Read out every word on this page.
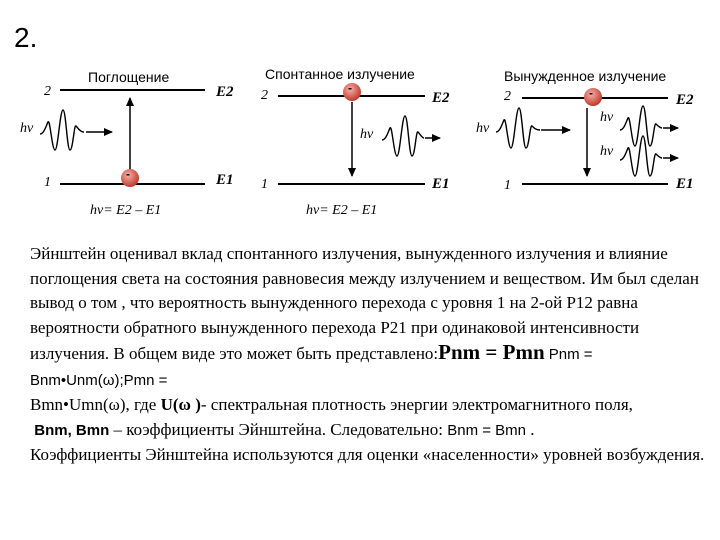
2.
Поглощение
2
1
E2
E1
hv
-
hv= E2 – E1
Спонтанное излучение
2
1
E2
E1
-
hv
hv= E2 – E1
Вынужденное излучение
2
1
E2
E1
-
hv
hv
hv
Эйнштейн оценивал вклад спонтанного излучения, вынужденного излучения и влияние поглощения света на состояния равновесия между излучением и веществом. Им был сделан вывод о том , что вероятность вынужденного перехода с уровня 1 на 2-ой P12 равна вероятности обратного вынужденного перехода P21 при одинаковой интенсивности излучения. В общем виде это может быть представлено:Pnm = Pmn Pnm = Bnm•Unm(ω);Pmn =
Bmn•Umn(ω), где U(ω )- спектральная плотность энергии электромагнитного поля,
Bnm, Bmn – коэффициенты Эйнштейна. Следовательно: Bnm = Bmn .
Коэффициенты Эйнштейна используются для оценки «населенности» уровней возбуждения.
